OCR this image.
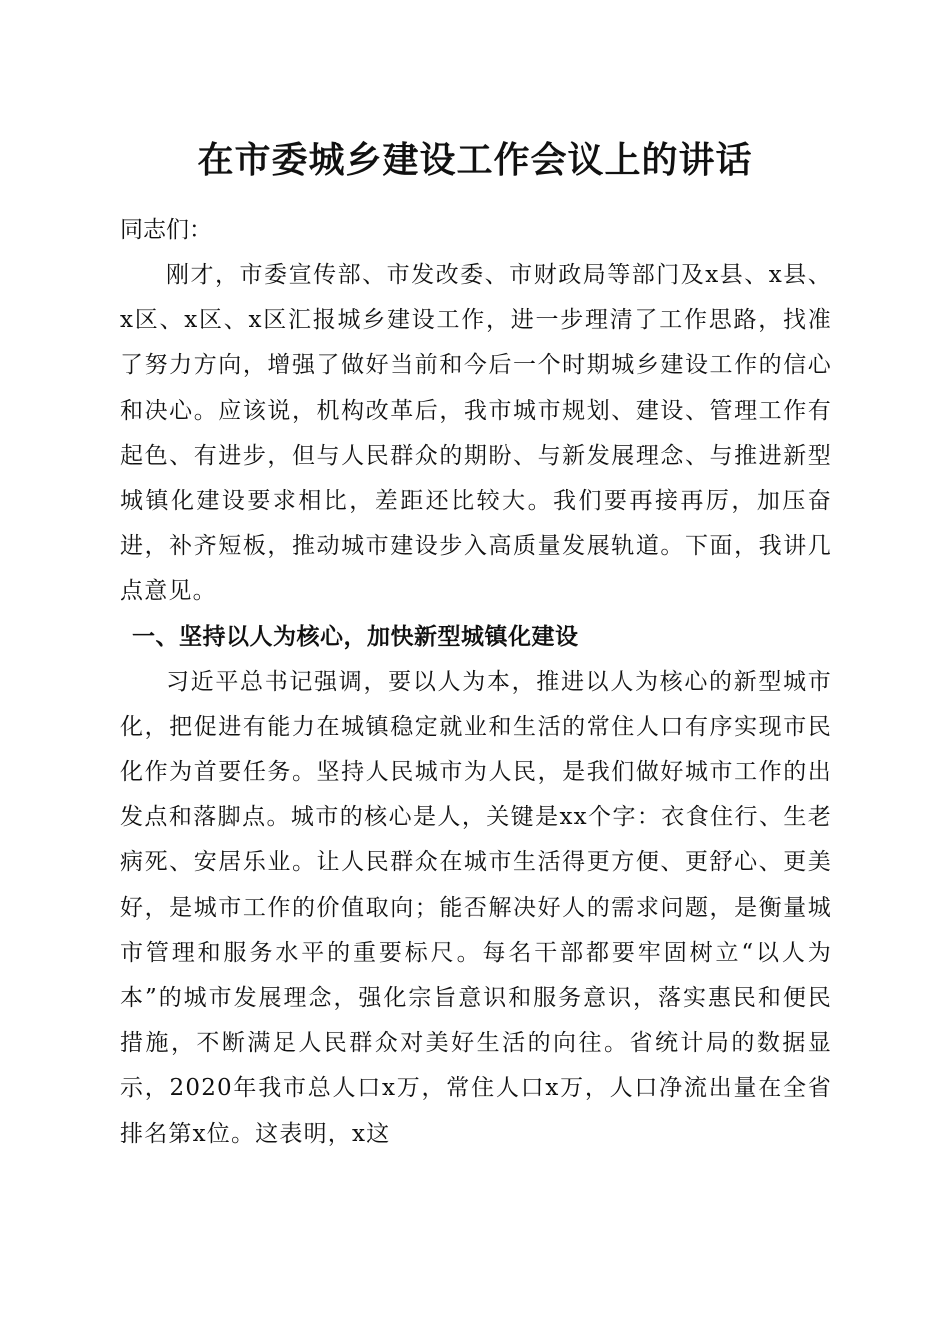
在市委城乡建设工作会议上的讲话

同志们：

刚才，市委宣传部、市发改委、市财政局等部门及x县、x县、x区、x区、x区汇报城乡建设工作，进一步理清了工作思路，找准了努力方向，增强了做好当前和今后一个时期城乡建设工作的信心和决心。应该说，机构改革后，我市城市规划、建设、管理工作有起色、有进步，但与人民群众的期盼、与新发展理念、与推进新型城镇化建设要求相比，差距还比较大。我们要再接再厉，加压奋进，补齐短板，推动城市建设步入高质量发展轨道。下面，我讲几点意见。

一、坚持以人为核心，加快新型城镇化建设

习近平总书记强调，要以人为本，推进以人为核心的新型城市化，把促进有能力在城镇稳定就业和生活的常住人口有序实现市民化作为首要任务。坚持人民城市为人民，是我们做好城市工作的出发点和落脚点。城市的核心是人，关键是xx个字：衣食住行、生老病死、安居乐业。让人民群众在城市生活得更方便、更舒心、更美好，是城市工作的价值取向；能否解决好人的需求问题，是衡量城市管理和服务水平的重要标尺。每名干部都要牢固树立“以人为本”的城市发展理念，强化宗旨意识和服务意识，落实惠民和便民措施，不断满足人民群众对美好生活的向往。省统计局的数据显示，2020年我市总人口x万，常住人口x万，人口净流出量在全省排名第x位。这表明，x这
